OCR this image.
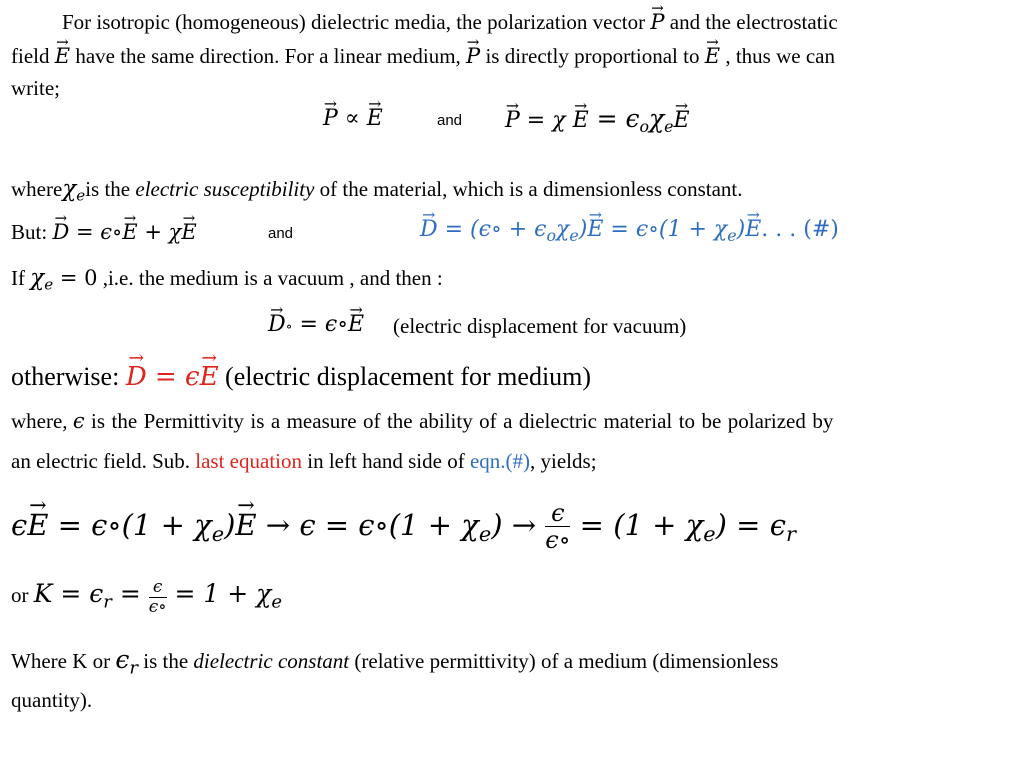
For isotropic (homogeneous) dielectric media, the polarization vector → P and the electrostatic
field → E have the same direction. For a linear medium, → P is directly proportional to → E , thus we can
write;
→ P ∝ → E	and → $P = \chi \to E = \epsilon_o\chi_e\to E$
whereχ$_e$is the electric susceptibility of the material, which is a dimensionless constant.
But: → D = ϵ∘→ E + χ→ E	and	→ D = (ϵ∘ + $\epsilon_o\chi_e)\to E$ = ϵ∘(1 + $\chi_e)\to E$. . . (#)
If $\chi_e = 0$ ,i.e. the medium is a vacuum , and then :
→ D∘ = ϵ∘→ E (electric displacement for vacuum)
otherwise: → D = ϵ→ E (electric displacement for medium)
where, ϵ is the Permittivity is a measure of the ability of a dielectric material to be polarized by
an electric field. Sub. last equation in left hand side of eqn.(#), yields;
ϵ→ E = ϵ∘(1 + $\chi_e)\to E \to \epsilon$ = ϵ∘(1 + $\chi_e) \to \frac{\epsilon}{\epsilon\circ} = (1 + \chi_e) = \epsilon_r$
or $K = \epsilon_r = \frac{\epsilon}{\epsilon\circ} = 1 + \chi_e$
Where K or $\epsilon_r$ is the dielectric constant (relative permittivity) of a medium (dimensionless
quantity).
